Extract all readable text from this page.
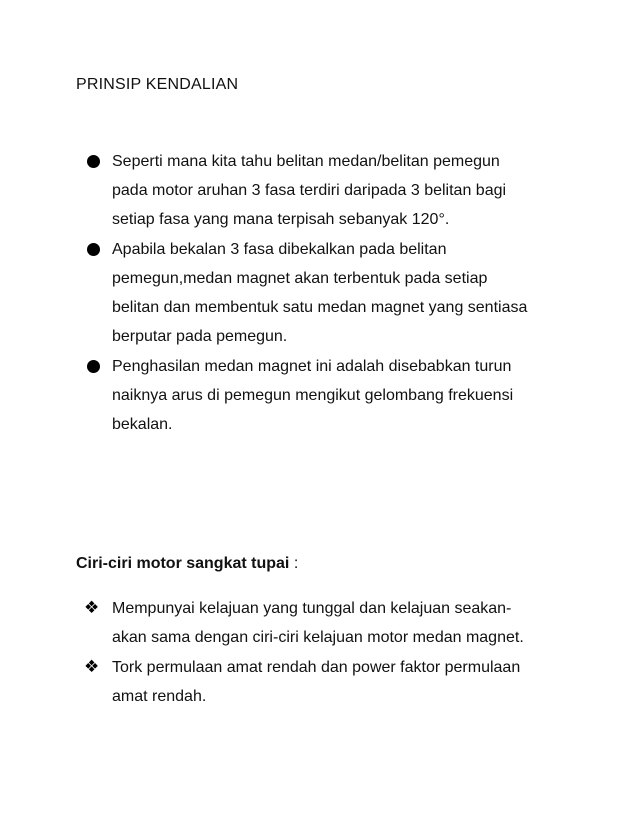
PRINSIP KENDALIAN
Seperti mana kita tahu belitan medan/belitan pemegun
pada motor aruhan 3 fasa terdiri daripada 3 belitan bagi
setiap fasa yang mana terpisah sebanyak 120°.
Apabila bekalan 3 fasa dibekalkan pada belitan
pemegun,medan magnet akan terbentuk pada setiap
belitan dan membentuk satu medan magnet yang sentiasa
berputar pada pemegun.
Penghasilan medan magnet ini adalah disebabkan turun
naiknya arus di pemegun mengikut gelombang frekuensi
bekalan.
Ciri-ciri motor sangkat tupai :
❖ Mempunyai kelajuan yang tunggal dan kelajuan seakan-
akan sama dengan ciri-ciri kelajuan motor medan magnet.
❖ Tork permulaan amat rendah dan power faktor permulaan
amat rendah.
